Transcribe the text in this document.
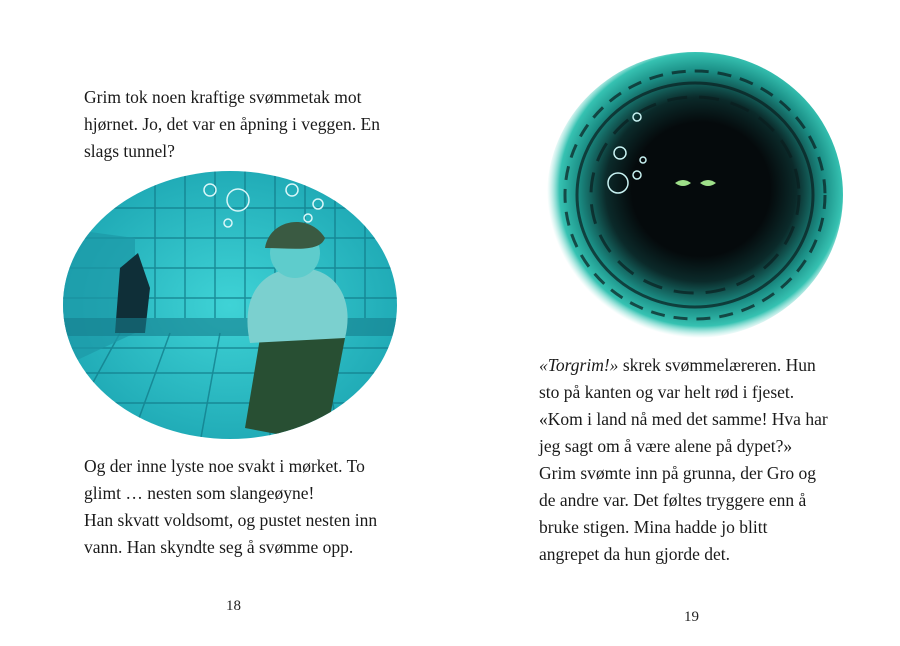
Grim tok noen kraftige svømmetak mot

hjørnet. Jo, det var en åpning i veggen. En

slags tunnel?

Og der inne lyste noe svakt i mørket. To

glimt … nesten som slangeøyne!

Han skvatt voldsomt, og pustet nesten inn

vann. Han skyndte seg å svømme opp.

18

«Torgrim!» skrek svømmelæreren. Hun

sto på kanten og var helt rød i fjeset.

«Kom i land nå med det samme! Hva har

jeg sagt om å være alene på dypet?»

Grim svømte inn på grunna, der Gro og

de andre var. Det føltes tryggere enn å

bruke stigen. Mina hadde jo blitt

angrepet da hun gjorde det.

19
